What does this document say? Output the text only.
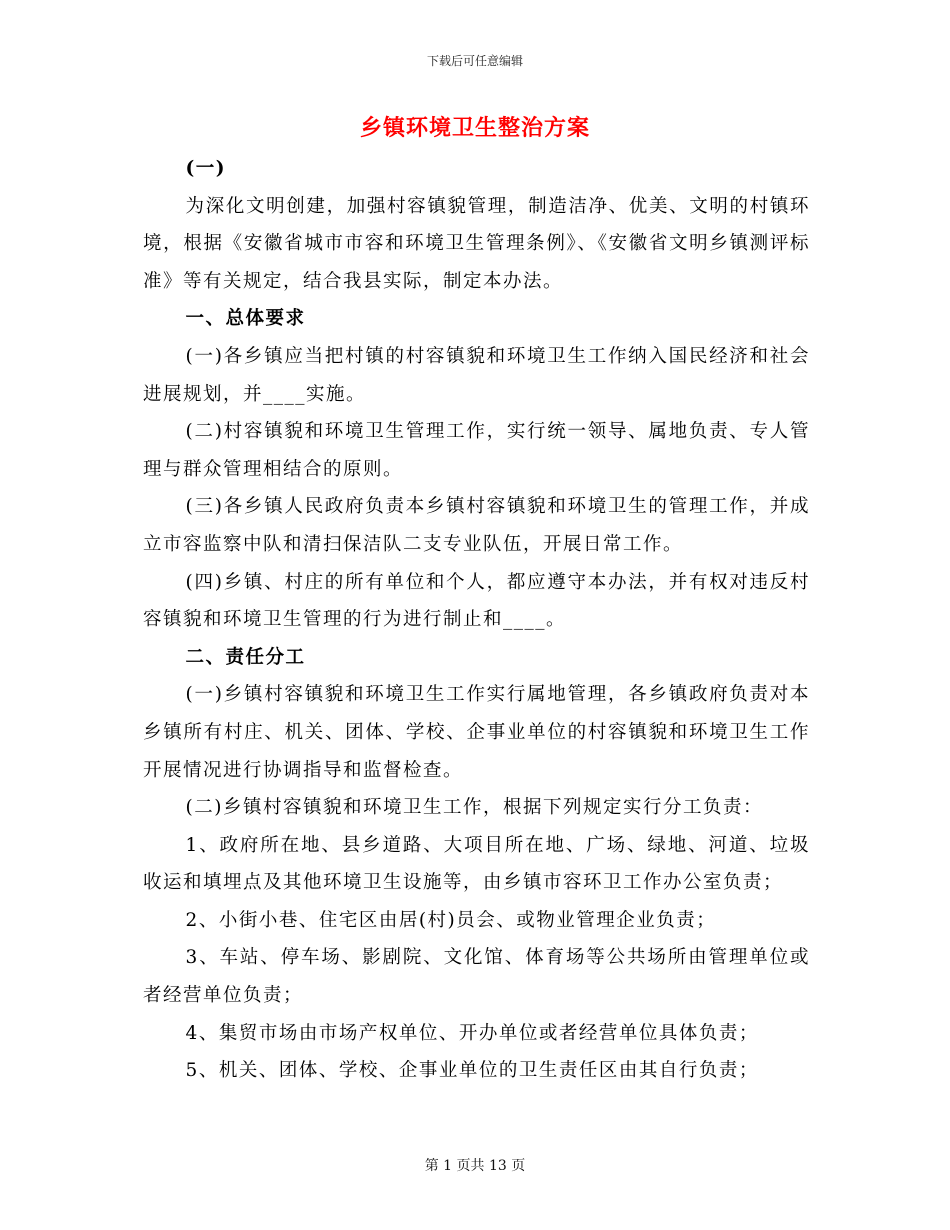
下载后可任意编辑
乡镇环境卫生整治方案

(一)

为深化文明创建，加强村容镇貌管理，制造洁净、优美、文明的村镇环境，根据《安徽省城市市容和环境卫生管理条例》、《安徽省文明乡镇测评标准》等有关规定，结合我县实际，制定本办法。

一、总体要求

(一)各乡镇应当把村镇的村容镇貌和环境卫生工作纳入国民经济和社会进展规划，并____实施。

(二)村容镇貌和环境卫生管理工作，实行统一领导、属地负责、专人管理与群众管理相结合的原则。

(三)各乡镇人民政府负责本乡镇村容镇貌和环境卫生的管理工作，并成立市容监察中队和清扫保洁队二支专业队伍，开展日常工作。

(四)乡镇、村庄的所有单位和个人，都应遵守本办法，并有权对违反村容镇貌和环境卫生管理的行为进行制止和____。

二、责任分工

(一)乡镇村容镇貌和环境卫生工作实行属地管理，各乡镇政府负责对本乡镇所有村庄、机关、团体、学校、企事业单位的村容镇貌和环境卫生工作开展情况进行协调指导和监督检查。

(二)乡镇村容镇貌和环境卫生工作，根据下列规定实行分工负责：

1、政府所在地、县乡道路、大项目所在地、广场、绿地、河道、垃圾收运和填埋点及其他环境卫生设施等，由乡镇市容环卫工作办公室负责；

2、小街小巷、住宅区由居(村)员会、或物业管理企业负责；

3、车站、停车场、影剧院、文化馆、体育场等公共场所由管理单位或者经营单位负责；

4、集贸市场由市场产权单位、开办单位或者经营单位具体负责；

5、机关、团体、学校、企事业单位的卫生责任区由其自行负责；

第 1 页共 13 页
